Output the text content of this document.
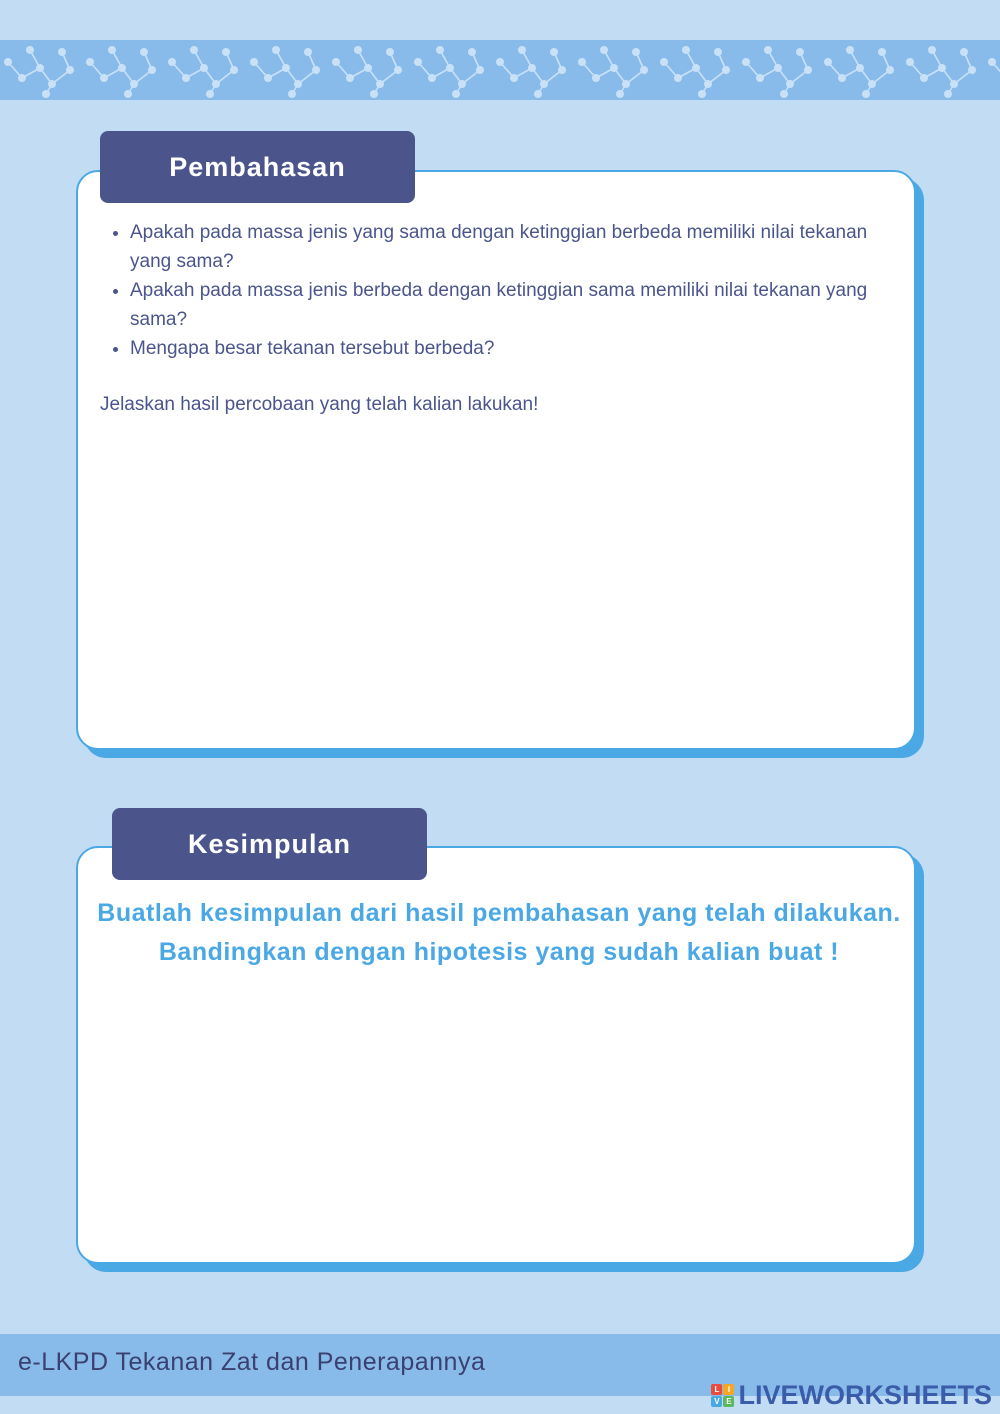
Pembahasan
• Apakah pada massa jenis yang sama dengan ketinggian berbeda memiliki nilai tekanan yang sama?
• Apakah pada massa jenis berbeda dengan ketinggian sama memiliki nilai tekanan yang sama?
• Mengapa besar tekanan tersebut berbeda?
Jelaskan hasil percobaan yang telah kalian lakukan!
Kesimpulan
Buatlah kesimpulan dari hasil pembahasan yang telah dilakukan. Bandingkan dengan hipotesis yang sudah kalian buat !
e-LKPD Tekanan Zat dan Penerapannya
L	I
V E LIVEWORKSHEETS
